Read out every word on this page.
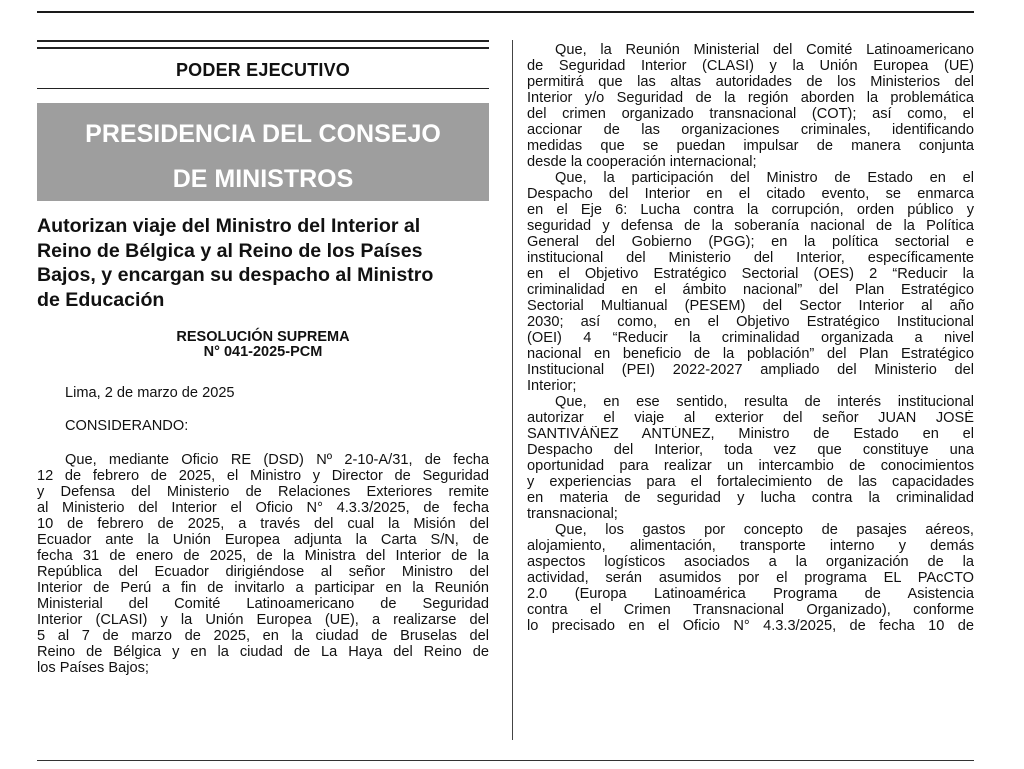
PODER EJECUTIVO
PRESIDENCIA DEL CONSEJO
DE MINISTROS
Autorizan viaje del Ministro del Interior al
Reino de Bélgica y al Reino de los Países
Bajos, y encargan su despacho al Ministro
de Educación
RESOLUCIÓN SUPREMA
N° 041-2025-PCM
Lima, 2 de marzo de 2025
CONSIDERANDO:
Que, mediante Oficio RE (DSD) Nº 2-10-A/31, de fecha
12 de febrero de 2025, el Ministro y Director de Seguridad
y Defensa del Ministerio de Relaciones Exteriores remite
al Ministerio del Interior el Oficio N° 4.3.3/2025, de fecha
10 de febrero de 2025, a través del cual la Misión del
Ecuador ante la Unión Europea adjunta la Carta S/N, de
fecha 31 de enero de 2025, de la Ministra del Interior de la
República del Ecuador dirigiéndose al señor Ministro del
Interior de Perú a fin de invitarlo a participar en la Reunión
Ministerial del Comité Latinoamericano de Seguridad
Interior (CLASI) y la Unión Europea (UE), a realizarse del
5 al 7 de marzo de 2025, en la ciudad de Bruselas del
Reino de Bélgica y en la ciudad de La Haya del Reino de
los Países Bajos;
Que, la Reunión Ministerial del Comité Latinoamericano
de Seguridad Interior (CLASI) y la Unión Europea (UE)
permitirá que las altas autoridades de los Ministerios del
Interior y/o Seguridad de la región aborden la problemática
del crimen organizado transnacional (COT); así como, el
accionar de las organizaciones criminales, identificando
medidas que se puedan impulsar de manera conjunta
desde la cooperación internacional;
Que, la participación del Ministro de Estado en el
Despacho del Interior en el citado evento, se enmarca
en el Eje 6: Lucha contra la corrupción, orden público y
seguridad y defensa de la soberanía nacional de la Política
General del Gobierno (PGG); en la política sectorial e
institucional del Ministerio del Interior, específicamente
en el Objetivo Estratégico Sectorial (OES) 2 “Reducir la
criminalidad en el ámbito nacional” del Plan Estratégico
Sectorial Multianual (PESEM) del Sector Interior al año
2030; así como, en el Objetivo Estratégico Institucional
(OEI) 4 “Reducir la criminalidad organizada a nivel
nacional en beneficio de la población” del Plan Estratégico
Institucional (PEI) 2022-2027 ampliado del Ministerio del
Interior;
Que, en ese sentido, resulta de interés institucional
autorizar el viaje al exterior del señor JUAN JOSÉ
SANTIVÁÑEZ ANTÚNEZ, Ministro de Estado en el
Despacho del Interior, toda vez que constituye una
oportunidad para realizar un intercambio de conocimientos
y experiencias para el fortalecimiento de las capacidades
en materia de seguridad y lucha contra la criminalidad
transnacional;
Que, los gastos por concepto de pasajes aéreos,
alojamiento, alimentación, transporte interno y demás
aspectos logísticos asociados a la organización de la
actividad, serán asumidos por el programa EL PAcCTO
2.0 (Europa Latinoamérica Programa de Asistencia
contra el Crimen Transnacional Organizado), conforme
lo precisado en el Oficio N° 4.3.3/2025, de fecha 10 de
